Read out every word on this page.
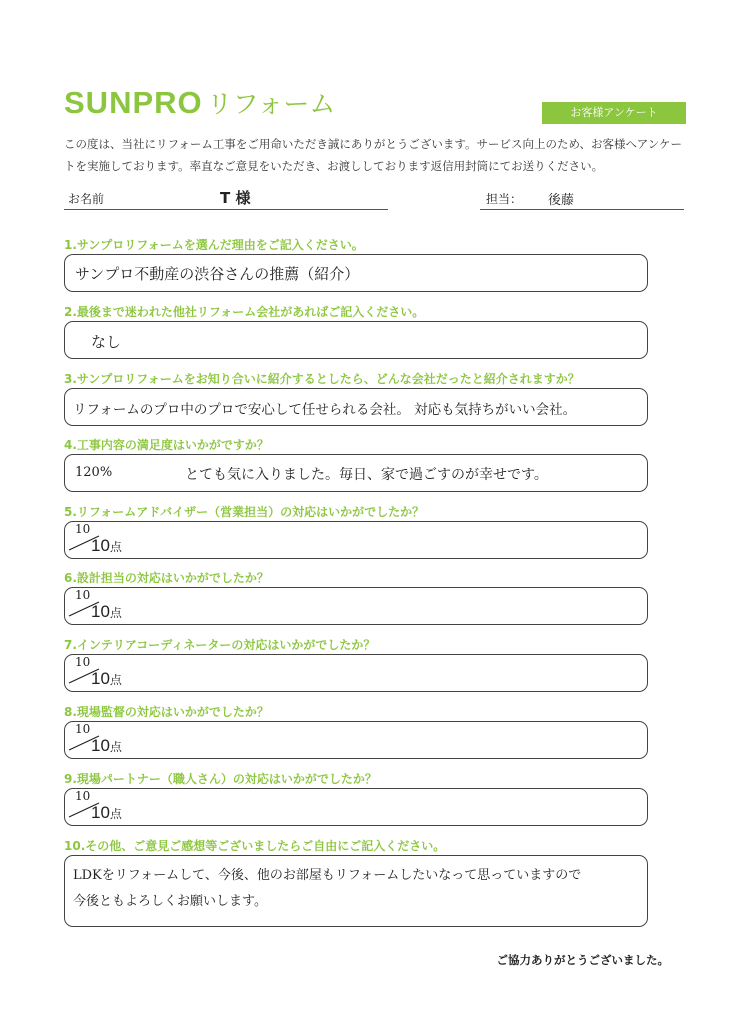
SUNPRO リフォーム	お客様アンケート
この度は、当社にリフォーム工事をご用命いただき誠にありがとうございます。サービス向上のため、お客様へアンケー
トを実施しております。率直なご意見をいただき、お渡ししております返信用封筒にてお送りください。
お名前	T 様	担当： 後藤
1.サンプロリフォームを選んだ理由をご記入ください。
サンプロ不動産の渋谷さんの推薦（紹介）
2.最後まで迷われた他社リフォーム会社があればご記入ください。
なし
3.サンプロリフォームをお知り合いに紹介するとしたら、どんな会社だったと紹介されますか？
リフォームのプロ中のプロで安心して任せられる会社。 対応も気持ちがいい会社。
4.工事内容の満足度はいかがですか？
120%	とても気に入りました。毎日、家で過ごすのが幸せです。
5.リフォームアドバイザー（営業担当）の対応はいかがでしたか？
10
10点
6.設計担当の対応はいかがでしたか？
10
10点
7.インテリアコーディネーターの対応はいかがでしたか？
10
10点
8.現場監督の対応はいかがでしたか？
10
10点
9.現場パートナー（職人さん）の対応はいかがでしたか？
10
10点
10.その他、ご意見ご感想等ございましたらご自由にご記入ください。
LDKをリフォームして、今後、他のお部屋もリフォームしたいなって思っていますので
今後ともよろしくお願いします。
ご協力ありがとうございました。
